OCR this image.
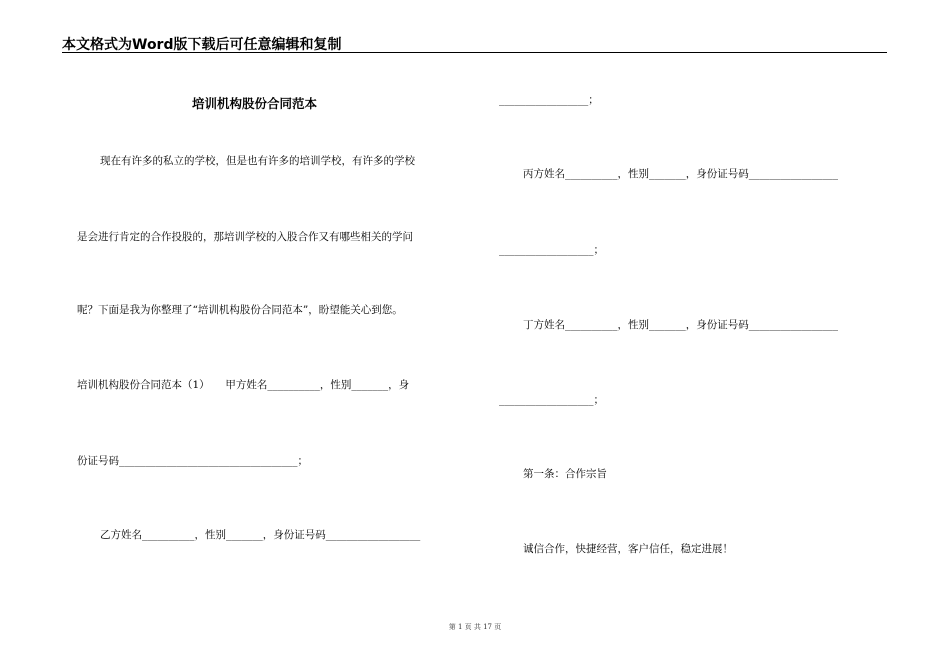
本文格式为Word版下载后可任意编辑和复制
培训机构股份合同范本
现在有许多的私立的学校，但是也有许多的培训学校，有许多的学校
是会进行肯定的合作投股的，那培训学校的入股合作又有哪些相关的学问
呢？下面是我为你整理了“培训机构股份合同范本”，盼望能关心到您。
培训机构股份合同范本（1）　　甲方姓名__________，性别_______，身
份证号码__________________________________；
乙方姓名__________，性别_______，身份证号码__________________
_________________；
丙方姓名__________，性别_______，身份证号码_________________
__________________；
丁方姓名__________，性别_______，身份证号码_________________
__________________；
第一条：合作宗旨
诚信合作，快捷经营，客户信任，稳定进展！
第 1 页 共 17 页
